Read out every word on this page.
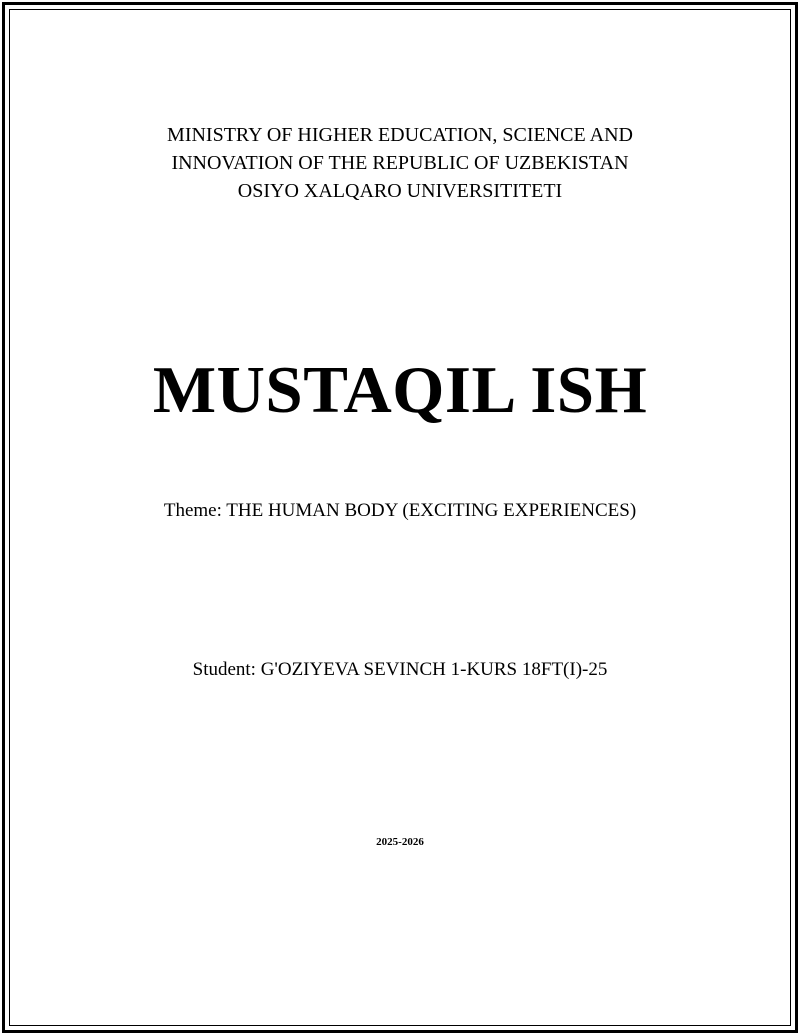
MINISTRY OF HIGHER EDUCATION, SCIENCE AND
INNOVATION OF THE REPUBLIC OF UZBEKISTAN
OSIYO XALQARO UNIVERSITITETI
MUSTAQIL ISH
Theme: THE HUMAN BODY (EXCITING EXPERIENCES)
Student: G'OZIYEVA SEVINCH 1-KURS 18FT(I)-25
2025-2026
